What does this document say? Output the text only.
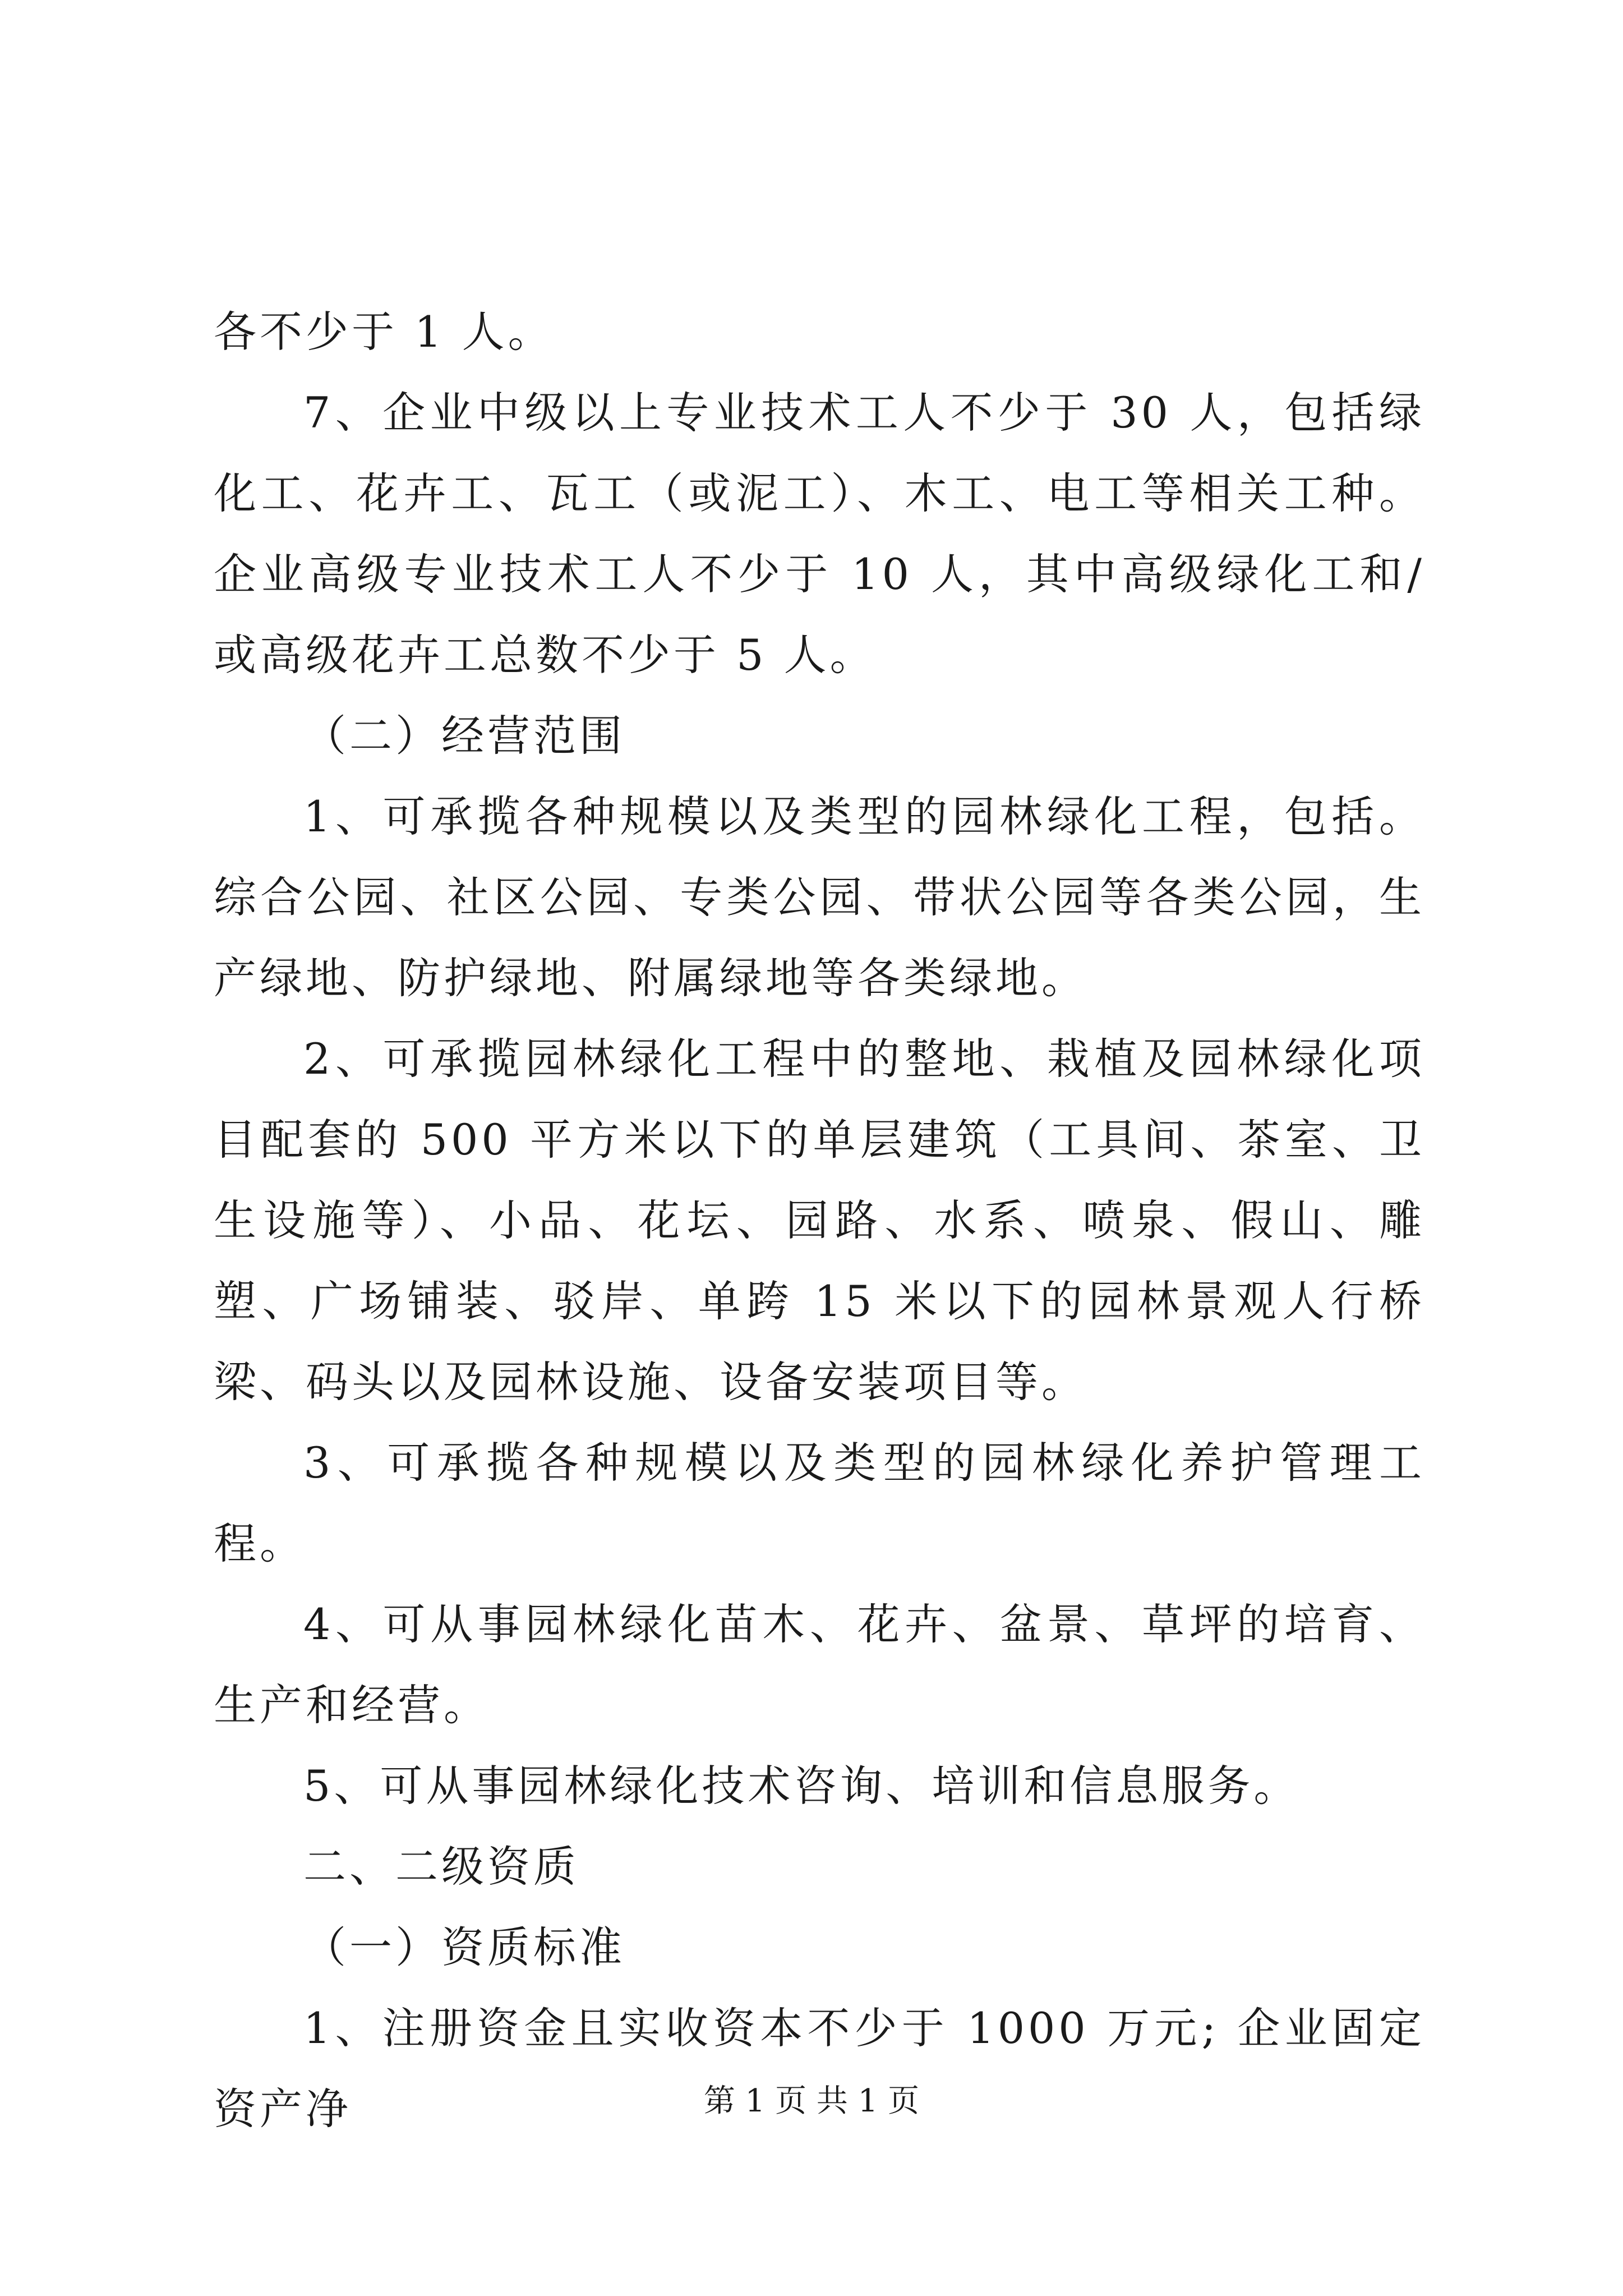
各不少于 1 人。

7、企业中级以上专业技术工人不少于 30 人，包括绿化工、花卉工、瓦工（或泥工）、木工、电工等相关工种。企业高级专业技术工人不少于 10 人，其中高级绿化工和/或高级花卉工总数不少于 5 人。

（二）经营范围

1、可承揽各种规模以及类型的园林绿化工程，包括。综合公园、社区公园、专类公园、带状公园等各类公园，生产绿地、防护绿地、附属绿地等各类绿地。

2、可承揽园林绿化工程中的整地、栽植及园林绿化项目配套的 500 平方米以下的单层建筑（工具间、茶室、卫生设施等）、小品、花坛、园路、水系、喷泉、假山、雕塑、广场铺装、驳岸、单跨 15 米以下的园林景观人行桥梁、码头以及园林设施、设备安装项目等。

3、可承揽各种规模以及类型的园林绿化养护管理工程。

4、可从事园林绿化苗木、花卉、盆景、草坪的培育、生产和经营。

5、可从事园林绿化技术咨询、培训和信息服务。

二、二级资质

（一）资质标准

1、注册资金且实收资本不少于 1000 万元; 企业固定资产净	第 1 页 共 1 页
